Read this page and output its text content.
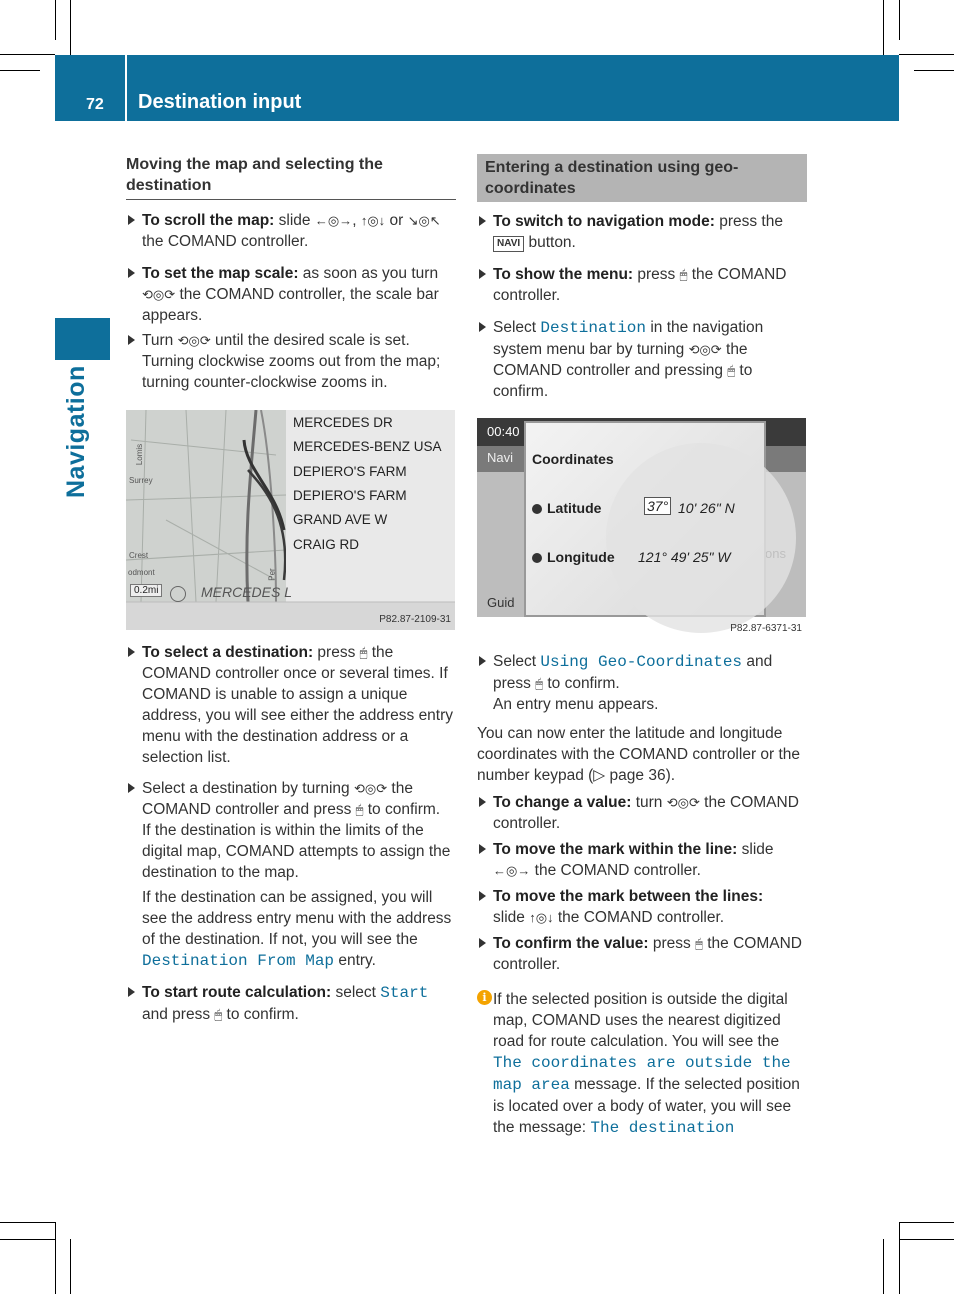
72 Destination input
Navigation
Moving the map and selecting the destination
To scroll the map: slide ←◎→, ↑◎↓ or ↘◎↖ the COMAND controller.
To set the map scale: as soon as you turn ⟲◎⟳ the COMAND controller, the scale bar appears.
Turn ⟲◎⟳ until the desired scale is set.
Turning clockwise zooms out from the map; turning counter-clockwise zooms in.
MERCEDES DR
MERCEDES-BENZ USA
DEPIERO'S FARM
DEPIERO'S FARM
GRAND AVE W
CRAIG RD
Lomis
Surrey
Crest
odmont	Per
0.2mi	MERCEDES L
P82.87-2109-31
To select a destination: press 🖱 the COMAND controller once or several times. If COMAND is unable to assign a unique address, you will see either the address entry menu with the destination address or a selection list.
Select a destination by turning ⟲◎⟳ the COMAND controller and press 🖱 to confirm.
If the destination is within the limits of the digital map, COMAND attempts to assign the destination to the map.
If the destination can be assigned, you will see the address entry menu with the address of the destination. If not, you will see the Destination From Map entry.
To start route calculation: select Start and press 🖱 to confirm.
Entering a destination using geo-coordinates
To switch to navigation mode: press the NAVI button.
To show the menu: press 🖱 the COMAND controller.
Select Destination in the navigation system menu bar by turning ⟲◎⟳ the COMAND controller and pressing 🖱 to confirm.
00:40
Navi
Guid
Coordinates
Latitude	37° 10' 26" N
Longitude 121° 49' 25" W
P82.87-6371-31
Select Using Geo-Coordinates and press 🖱 to confirm.
An entry menu appears.
You can now enter the latitude and longitude coordinates with the COMAND controller or the number keypad (▷ page 36).
To change a value: turn ⟲◎⟳ the COMAND controller.
To move the mark within the line: slide ←◎→ the COMAND controller.
To move the mark between the lines:
slide ↑◎↓ the COMAND controller.
To confirm the value: press 🖱 the COMAND controller.
i If the selected position is outside the digital map, COMAND uses the nearest digitized road for route calculation. You will see the The coordinates are outside the map area message. If the selected position is located over a body of water, you will see the message: The destination
